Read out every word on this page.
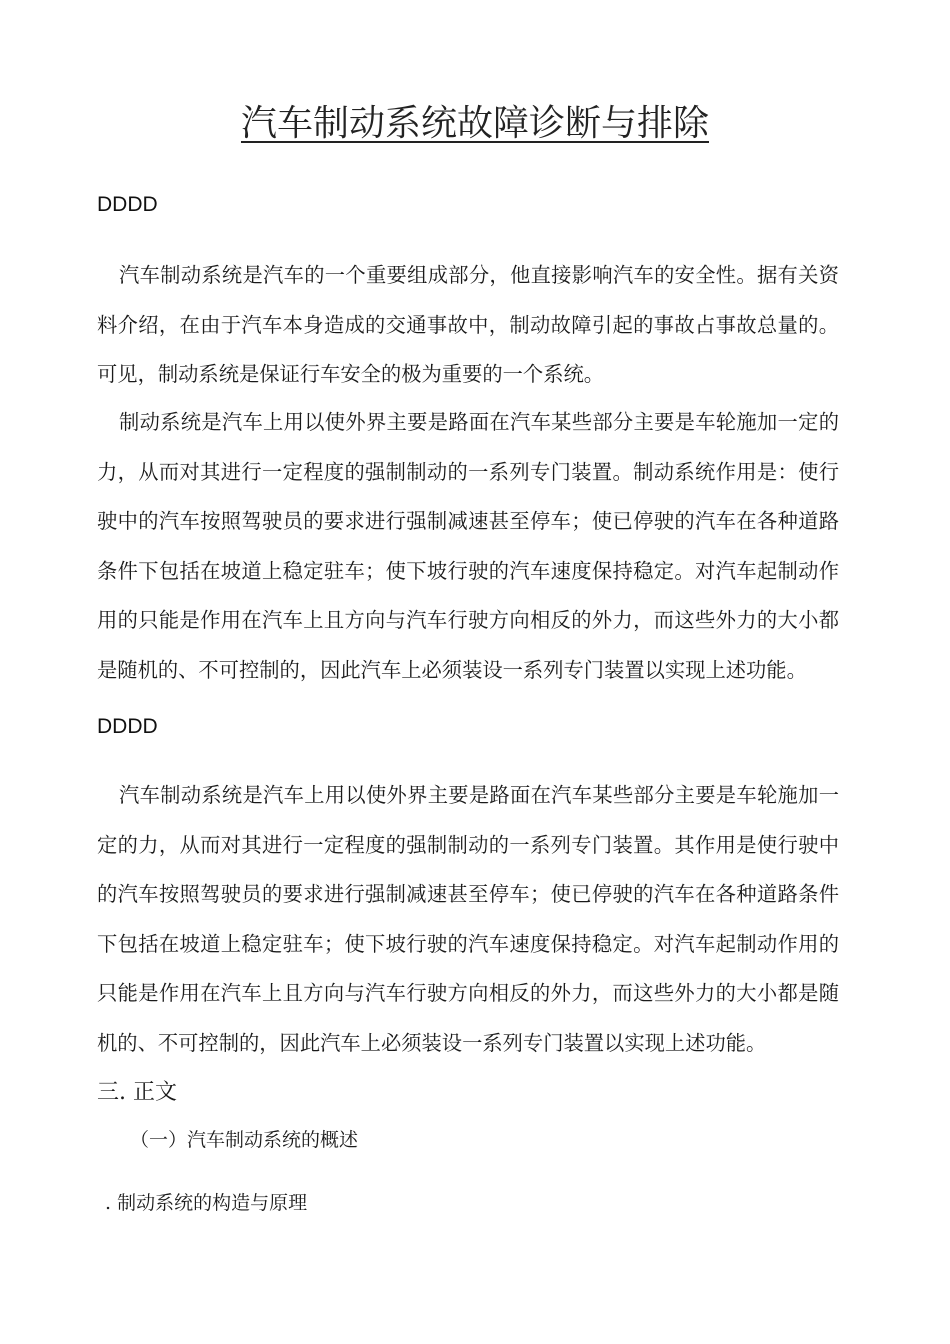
汽车制动系统故障诊断与排除

DDDD

汽车制动系统是汽车的一个重要组成部分，他直接影响汽车的安全性。据有关资料介绍，在由于汽车本身造成的交通事故中，制动故障引起的事故占事故总量的。可见，制动系统是保证行车安全的极为重要的一个系统。

制动系统是汽车上用以使外界主要是路面在汽车某些部分主要是车轮施加一定的力，从而对其进行一定程度的强制制动的一系列专门装置。制动系统作用是：使行驶中的汽车按照驾驶员的要求进行强制减速甚至停车；使已停驶的汽车在各种道路条件下包括在坡道上稳定驻车；使下坡行驶的汽车速度保持稳定。对汽车起制动作用的只能是作用在汽车上且方向与汽车行驶方向相反的外力，而这些外力的大小都是随机的、不可控制的，因此汽车上必须装设一系列专门装置以实现上述功能。

DDDD

汽车制动系统是汽车上用以使外界主要是路面在汽车某些部分主要是车轮施加一定的力，从而对其进行一定程度的强制制动的一系列专门装置。其作用是使行驶中的汽车按照驾驶员的要求进行强制减速甚至停车；使已停驶的汽车在各种道路条件下包括在坡道上稳定驻车；使下坡行驶的汽车速度保持稳定。对汽车起制动作用的只能是作用在汽车上且方向与汽车行驶方向相反的外力，而这些外力的大小都是随机的、不可控制的，因此汽车上必须装设一系列专门装置以实现上述功能。

三. 正文

（一）汽车制动系统的概述

. 制动系统的构造与原理
